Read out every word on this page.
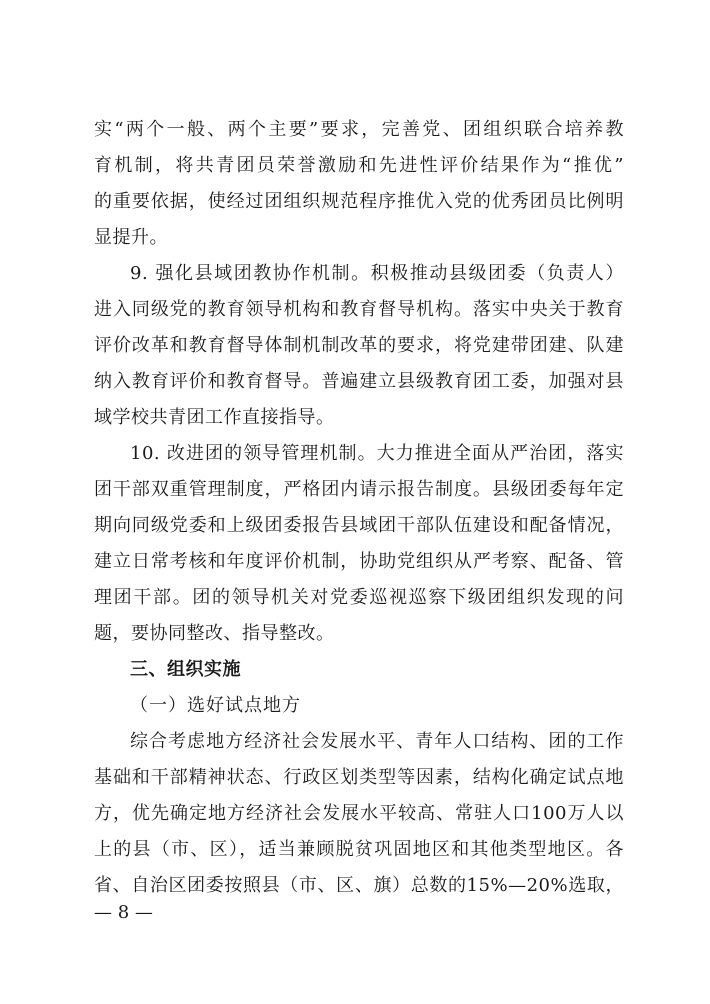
实“两个一般、两个主要”要求，完善党、团组织联合培养教
育机制，将共青团员荣誉激励和先进性评价结果作为“推优”
的重要依据，使经过团组织规范程序推优入党的优秀团员比例明
显提升。
9. 强化县域团教协作机制。积极推动县级团委（负责人）
进入同级党的教育领导机构和教育督导机构。落实中央关于教育
评价改革和教育督导体制机制改革的要求，将党建带团建、队建
纳入教育评价和教育督导。普遍建立县级教育团工委，加强对县
域学校共青团工作直接指导。
10. 改进团的领导管理机制。大力推进全面从严治团，落实
团干部双重管理制度，严格团内请示报告制度。县级团委每年定
期向同级党委和上级团委报告县域团干部队伍建设和配备情况，
建立日常考核和年度评价机制，协助党组织从严考察、配备、管
理团干部。团的领导机关对党委巡视巡察下级团组织发现的问
题，要协同整改、指导整改。
三、组织实施
（一）选好试点地方
综合考虑地方经济社会发展水平、青年人口结构、团的工作
基础和干部精神状态、行政区划类型等因素，结构化确定试点地
方，优先确定地方经济社会发展水平较高、常驻人口100万人以
上的县（市、区），适当兼顾脱贫巩固地区和其他类型地区。各
省、自治区团委按照县（市、区、旗）总数的15%—20%选取，
— 8 —
